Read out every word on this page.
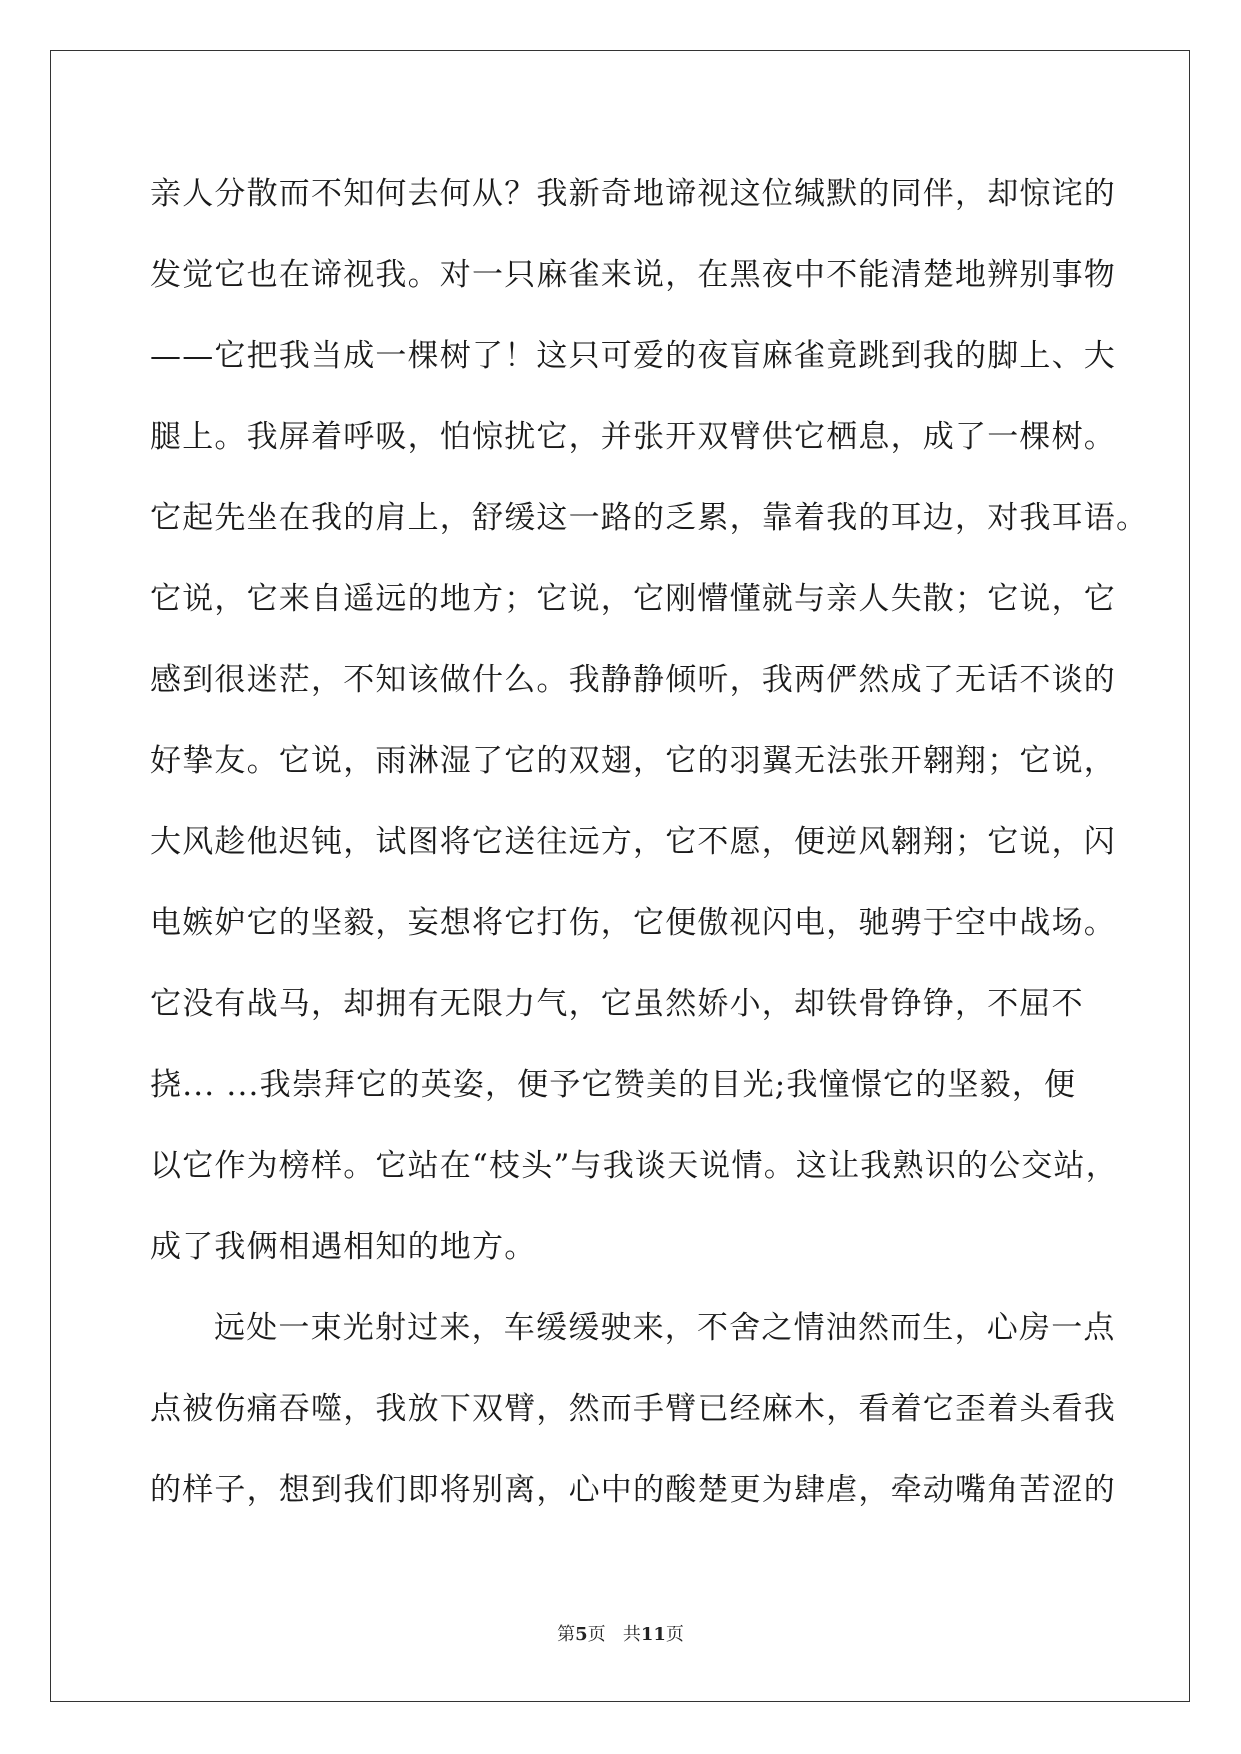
亲人分散而不知何去何从？我新奇地谛视这位缄默的同伴，却惊诧的
发觉它也在谛视我。对一只麻雀来说，在黑夜中不能清楚地辨别事物
——它把我当成一棵树了！这只可爱的夜盲麻雀竟跳到我的脚上、大
腿上。我屏着呼吸，怕惊扰它，并张开双臂供它栖息，成了一棵树。
它起先坐在我的肩上，舒缓这一路的乏累，靠着我的耳边，对我耳语。
它说，它来自遥远的地方；它说，它刚懵懂就与亲人失散；它说，它
感到很迷茫，不知该做什么。我静静倾听，我两俨然成了无话不谈的
好挚友。它说，雨淋湿了它的双翅，它的羽翼无法张开翱翔；它说，
大风趁他迟钝，试图将它送往远方，它不愿，便逆风翱翔；它说，闪
电嫉妒它的坚毅，妄想将它打伤，它便傲视闪电，驰骋于空中战场。
它没有战马，却拥有无限力气，它虽然娇小，却铁骨铮铮，不屈不
挠... ...我崇拜它的英姿，便予它赞美的目光;我憧憬它的坚毅，便
以它作为榜样。它站在“枝头”与我谈天说情。这让我熟识的公交站，
成了我俩相遇相知的地方。
远处一束光射过来，车缓缓驶来，不舍之情油然而生，心房一点
点被伤痛吞噬，我放下双臂，然而手臂已经麻木，看着它歪着头看我
的样子，想到我们即将别离，心中的酸楚更为肆虐，牵动嘴角苦涩的
第5页 共11页
